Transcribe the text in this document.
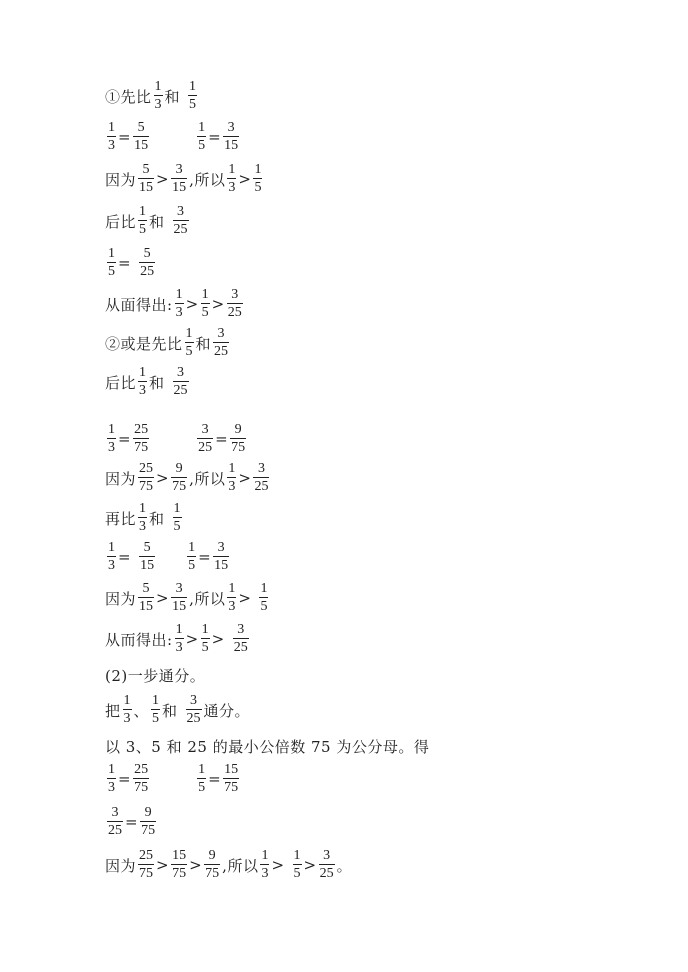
①先比 $\frac{1}{3}$ 和 $\frac{1}{5}$
$\frac{1}{3} = \frac{5}{15}$	$\frac{1}{5} = \frac{3}{15}$
因为 $\frac{5}{15} > \frac{3}{15}$ ,所以 $\frac{1}{3} > \frac{1}{5}$
后比 $\frac{1}{5}$ 和 $\frac{3}{25}$
$\frac{1}{5} = \frac{5}{25}$
从面得出: $\frac{1}{3} > \frac{1}{5} > \frac{3}{25}$
②或是先比 $\frac{1}{5}$ 和 $\frac{3}{25}$
后比 $\frac{1}{3}$ 和 $\frac{3}{25}$
$\frac{1}{3} = \frac{25}{75}$	$\frac{3}{25} = \frac{9}{75}$
因为 $\frac{25}{75} > \frac{9}{75}$ ,所以 $\frac{1}{3} > \frac{3}{25}$
再比 $\frac{1}{3}$ 和 $\frac{1}{5}$
$\frac{1}{3} = \frac{5}{15} \frac{1}{5} = \frac{3}{15}$
因为 $\frac{5}{15} > \frac{3}{15}$ ,所以 $\frac{1}{3} > \frac{1}{5}$
从而得出: $\frac{1}{3} > \frac{1}{5} > \frac{3}{25}$
(2)一步通分。
把 $\frac{1}{3}$ 、 $\frac{1}{5}$ 和 $\frac{3}{25}$ 通分。
以 3、5 和 25 的最小公倍数 75 为公分母。得
$\frac{1}{3} = \frac{25}{75}$	$\frac{1}{5} = \frac{15}{75}$
$\frac{3}{25} = \frac{9}{75}$
因为 $\frac{25}{75} > \frac{15}{75} > \frac{9}{75}$ ,所以 $\frac{1}{3} > \frac{1}{5} > \frac{3}{25}$ 。
